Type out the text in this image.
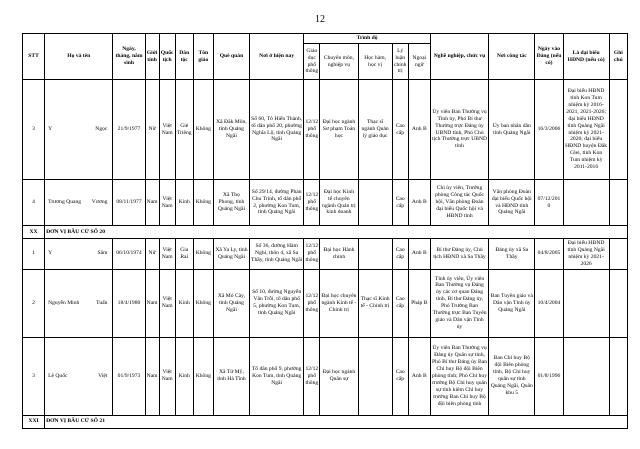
12
STT	Họ và tên	Ngày, tháng, năm sinh	Giới tính	Quốc tịch	Dân tộc	Tôn giáo	Quê quán	Nơi ở hiện nay	Trình độ					Nghề nghiệp, chức vụ	Nơi công tác	Ngày vào Đảng (nếu có)	Là đại biểu HĐND (nếu có)	Ghi chú
									Giáo dục phổ thông	Chuyên môn, nghiệp vụ	Học hàm, học vị	Lý luận chính trị	Ngoại ngữ					
3	Y Ngọc	21/9/1977	Nữ	Việt Nam	Giẻ Triêng	Không	Xã Đăk Môn, tỉnh Quảng Ngãi	Số 60, Tô Hiến Thành, tổ dân phố 20, phường Nghĩa Lộ, tỉnh Quảng Ngãi	12/12 phổ thông	Đại học ngành Sư phạm Toán học	Thạc sĩ ngành Quản lý giáo dục	Cao cấp	Anh B	Ủy viên Ban Thường vụ Tỉnh ủy, Phó Bí thư Thường trực Đảng ủy UBND tỉnh, Phó Chủ tịch Thường trực UBND tỉnh	Ủy ban nhân dân tỉnh Quảng Ngãi	16/3/2006	Đại biểu HĐND tỉnh Kon Tum nhiệm kỳ 2016-2021, 2021-2026; đại biểu HĐND tỉnh Quảng Ngãi nhiệm kỳ 2021-2026; đại biểu HĐND huyện Đăk Glei, tỉnh Kon Tum nhiệm kỳ 2011-2016	
4	Trương Quang Vương	08/11/1977	Nam	Việt Nam	Kinh	Không	Xã Thọ Phong, tỉnh Quảng Ngãi	Số 29/14, đường Phan Chu Trinh, tổ dân phố 2, phường Kon Tum, tỉnh Quảng Ngãi	12/12 phổ thông	Đại học Kinh tế chuyên ngành Quản trị kinh doanh		Cao cấp	Anh B	Chi ủy viên, Trưởng phòng Công tác Quốc hội, Văn phòng Đoàn đại biểu Quốc hội và HĐND tỉnh	Văn phòng Đoàn đại biểu Quốc hội và HĐND tỉnh Quảng Ngãi	07/12/2010		
XX	ĐƠN VỊ BẦU CỬ SỐ 20																	
1	Y Sâm	06/10/1974	Nữ	Việt Nam	Gia Rai	Không	Xã Ya Ly, tỉnh Quảng Ngãi	Số 36, đường Hàm Nghi, thôn 4, xã Sa Thầy, tỉnh Quảng Ngãi	12/12 phổ thông	Đại học Hành chính		Cao cấp	Anh B	Bí thư Đảng ủy, Chủ tịch HĐND xã Sa Thầy	Đảng ủy xã Sa Thầy	04/8/2005	Đại biểu HĐND tỉnh Quảng Ngãi nhiệm kỳ 2021-2026	
2	Nguyễn Minh Tuấn	18/4/1980	Nam	Việt Nam	Kinh	Không	Xã Mỏ Cày, tỉnh Quảng Ngãi	Số 10, đường Nguyễn Văn Trỗi, tổ dân phố 5, phường Kon Tum, tỉnh Quảng Ngãi	12/12 phổ thông	Đại học chuyên ngành Kinh tế - Chính trị	Thạc sĩ Kinh tế - Chính trị	Cao cấp	Pháp B	Tỉnh ủy viên, Ủy viên Ban Thường vụ Đảng ủy các cơ quan Đảng tỉnh, Bí thư Đảng ủy, Phó Trưởng Ban Thường trực Ban Tuyên giáo và Dân vận Tỉnh ủy	Ban Tuyên giáo và Dân vận Tỉnh ủy Quảng Ngãi	10/4/2004		
3	Lê Quốc Việt	01/9/1973	Nam	Việt Nam	Kinh	Không	Xã Tứ Mỹ, tỉnh Hà Tĩnh	Tổ dân phố 9, phường Kon Tum, tỉnh Quảng Ngãi	12/12 phổ thông	Đại học ngành Quân sự		Cao cấp	Anh B	Ủy viên Ban Thường vụ Đảng ủy Quân sự tỉnh, Phó Bí thư Đảng ủy Ban Chỉ huy Bộ đội Biên phòng tỉnh; Phó Chỉ huy trưởng Bộ Chỉ huy quân sự tỉnh kiêm Chỉ huy trưởng Ban Chỉ huy Bộ đội biên phòng tỉnh	Ban Chỉ huy Bộ đội Biên phòng tỉnh, Bộ Chỉ huy quân sự tỉnh Quảng Ngãi, Quân khu 5	01/8/1996		
XXI	ĐƠN VỊ BẦU CỬ SỐ 21																	
